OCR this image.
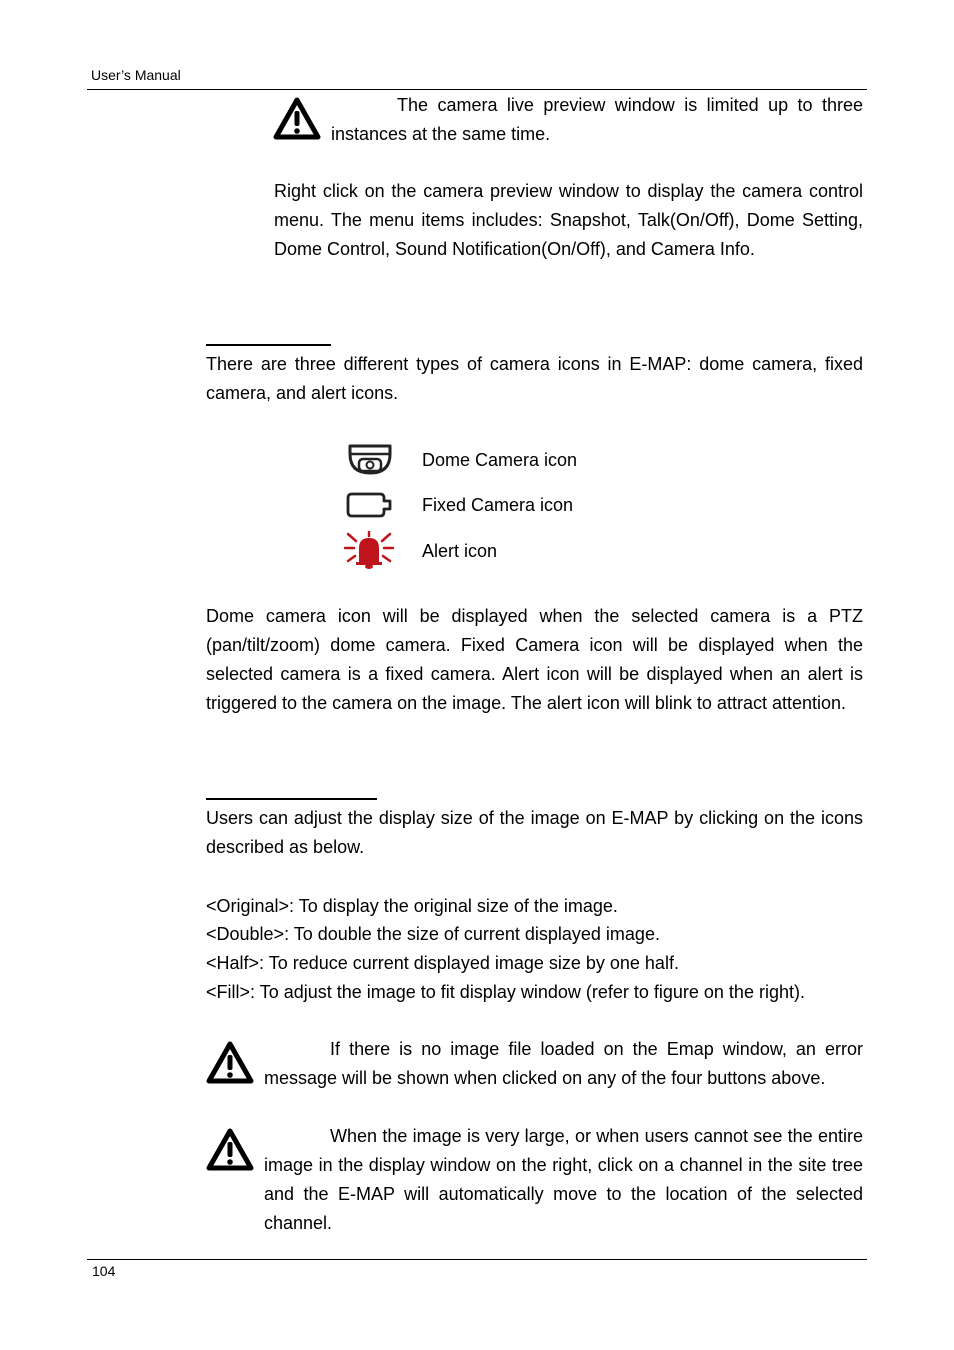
User’s Manual
The camera live preview window is limited up to three instances at the same time.
Right click on the camera preview window to display the camera control menu. The menu items includes: Snapshot, Talk(On/Off), Dome Setting, Dome Control, Sound Notification(On/Off), and Camera Info.
There are three different types of camera icons in E-MAP: dome camera, fixed camera, and alert icons.
Dome Camera icon
Fixed Camera icon
Alert icon
Dome camera icon will be displayed when the selected camera is a PTZ (pan/tilt/zoom) dome camera. Fixed Camera icon will be displayed when the selected camera is a fixed camera. Alert icon will be displayed when an alert is triggered to the camera on the image. The alert icon will blink to attract attention.
Users can adjust the display size of the image on E-MAP by clicking on the icons described as below.
<Original>: To display the original size of the image.
<Double>: To double the size of current displayed image.
<Half>: To reduce current displayed image size by one half.
<Fill>: To adjust the image to fit display window (refer to figure on the right).
If there is no image file loaded on the Emap window, an error message will be shown when clicked on any of the four buttons above.
When the image is very large, or when users cannot see the entire image in the display window on the right, click on a channel in the site tree and the E-MAP will automatically move to the location of the selected channel.
104
